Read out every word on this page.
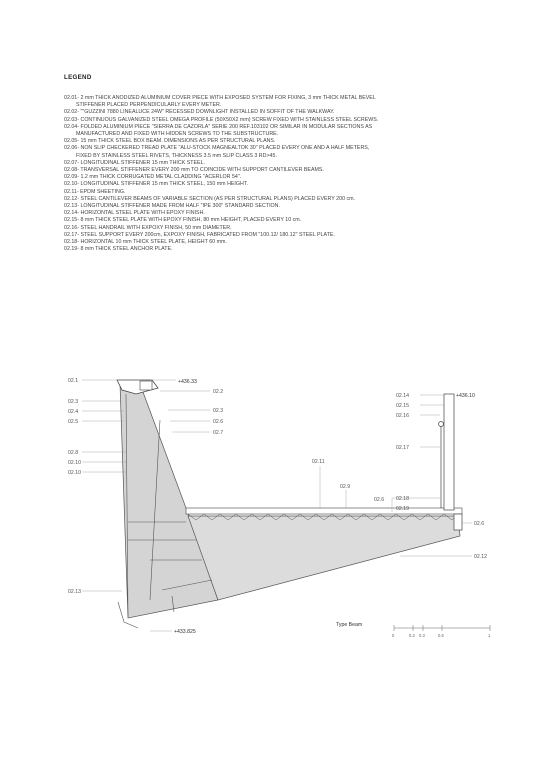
LEGEND
02.01- 2 mm THICK ANODIZED ALUMINIUM COVER PIECE WITH EXPOSED SYSTEM FOR FIXING, 3 mm THICK METAL BEVEL
STIFFENER PLACED PERPENDICULARLY EVERY METER.
02.02- ""GUZZINI 7880 LINEALUCE 24W" RECESSED DOWNLIGHT INSTALLED IN SOFFIT OF THE WALKWAY.
02.03- CONTINUOUS GALVANIZED STEEL OMEGA PROFILE (50X50X2 mm) SCREW FIXED WITH STAINLESS STEEL SCREWS.
02.04- FOLDED ALUMINIUM PIECE "SIERRA DE CAZORLA" SERIE 200 REF.103102 OR SIMILAR IN MODULAR SECTIONS AS
MANUFACTURED AND FIXED WITH HIDDEN SCREWS TO THE SUBSTRUCTURE.
02.05- 15 mm THICK STEEL BOX BEAM. DIMENSIONS AS PER STRUCTURAL PLANS.
02.06- NON SLIP CHECKERED TREAD PLATE "ALU-STOCK MAGNEALTOK 30" PLACED EVERY ONE AND A HALF METERS,
FIXED BY STAINLESS STEEL RIVETS, THICKNESS 3.5 mm SLIP CLASS 3 RD>45.
02.07- LONGITUDINAL STIFFENER 15 mm THICK STEEL.
02.08- TRANSVERSAL STIFFENER EVERY 200 mm TO COINCIDE WITH SUPPORT CANTILEVER BEAMS.
02.09- 1.2 mm THICK CORRUGATED METAL CLADDING "ACERLOR 54".
02.10- LONGITUDINAL STIFFENER 15 mm THICK STEEL, 150 mm HEIGHT.
02.11- EPDM SHEETING.
02.12- STEEL CANTILEVER BEAMS OF VARIABLE SECTION (AS PER STRUCTURAL PLANS) PLACED EVERY 200 cm.
02.13- LONGITUDINAL STIFFENER MADE FROM HALF "IPE 300" STANDARD SECTION.
02.14- HORIZONTAL STEEL PLATE WITH EPOXY FINISH.
02.15- 8 mm THICK STEEL PLATE WITH EPOXY FINISH, 80 mm HEIGHT, PLACED EVERY 10 cm.
02.16- STEEL HANDRAIL WITH EXPOXY FINISH, 50 mm DIAMETER.
02.17- STEEL SUPPORT EVERY 200cm, EXPOXY FINISH, FABRICATED FROM "100.12/ 180.12" STEEL PLATE.
02.18- HORIZONTAL 10 mm THICK STEEL PLATE, HEIGHT 60 mm.
02.19- 8 mm THICK STEEL ANCHOR PLATE.
02.1
02.3
02.4
02.5
02.8
02.10
02.10
02.13
02.2
02.3
02.6
02.7
02.14
02.15
02.16
02.17
02.11
02.9
02.6 02.18
02.19
02.6
02.12
+436.33
+436.10
+433.825
Type Beam
0	0.2 0.3	0.5	1
